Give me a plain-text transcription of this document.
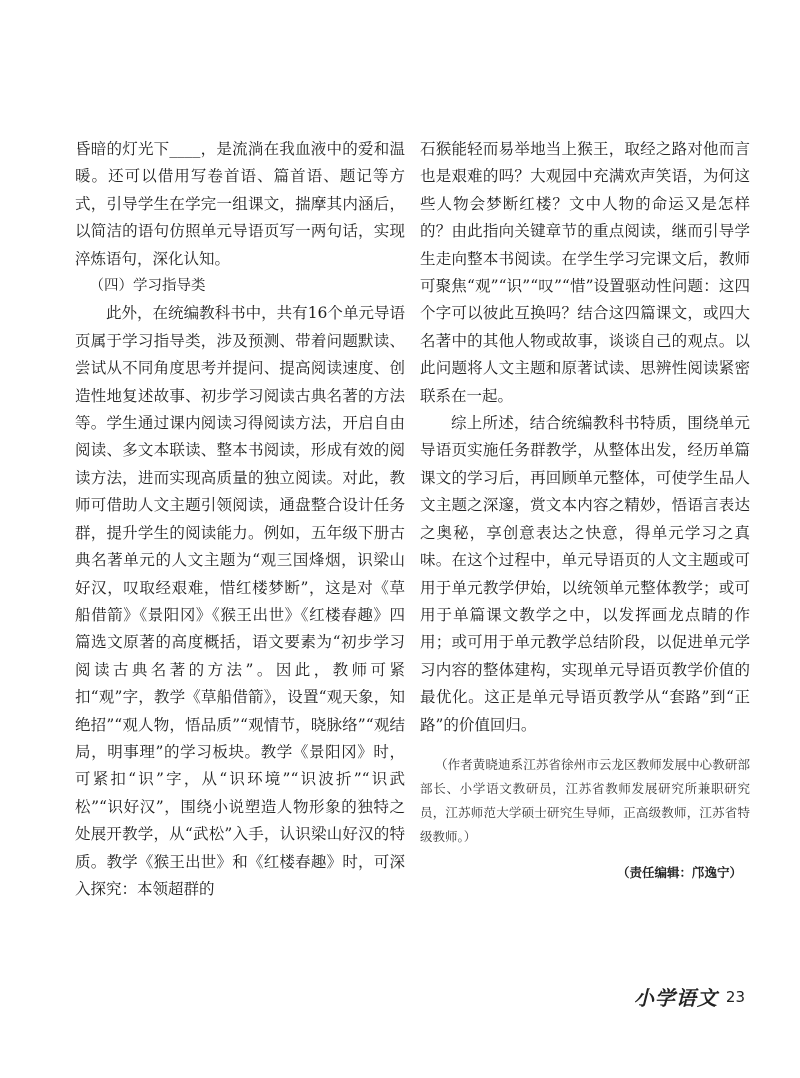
昏暗的灯光下____，是流淌在我血液中的爱和温暖。还可以借用写卷首语、篇首语、题记等方式，引导学生在学完一组课文，揣摩其内涵后，以简洁的语句仿照单元导语页写一两句话，实现淬炼语句，深化认知。

（四）学习指导类

此外，在统编教科书中，共有16个单元导语页属于学习指导类，涉及预测、带着问题默读、尝试从不同角度思考并提问、提高阅读速度、创造性地复述故事、初步学习阅读古典名著的方法等。学生通过课内阅读习得阅读方法，开启自由阅读、多文本联读、整本书阅读，形成有效的阅读方法，进而实现高质量的独立阅读。对此，教师可借助人文主题引领阅读，通盘整合设计任务群，提升学生的阅读能力。例如，五年级下册古典名著单元的人文主题为“观三国烽烟，识梁山好汉，叹取经艰难，惜红楼梦断”，这是对《草船借箭》《景阳冈》《猴王出世》《红楼春趣》四篇选文原著的高度概括，语文要素为“初步学习阅读古典名著的方法”。因此，教师可紧扣“观”字，教学《草船借箭》，设置“观天象，知绝招”“观人物，悟品质”“观情节，晓脉络”“观结局，明事理”的学习板块。教学《景阳冈》时，可紧扣“识”字，从“识环境”“识波折”“识武松”“识好汉”，围绕小说塑造人物形象的独特之处展开教学，从“武松”入手，认识梁山好汉的特质。教学《猴王出世》和《红楼春趣》时，可深入探究：本领超群的

石猴能轻而易举地当上猴王，取经之路对他而言也是艰难的吗？大观园中充满欢声笑语，为何这些人物会梦断红楼？文中人物的命运又是怎样的？由此指向关键章节的重点阅读，继而引导学生走向整本书阅读。在学生学习完课文后，教师可聚焦“观”“识”“叹”“惜”设置驱动性问题：这四个字可以彼此互换吗？结合这四篇课文，或四大名著中的其他人物或故事，谈谈自己的观点。以此问题将人文主题和原著试读、思辨性阅读紧密联系在一起。

综上所述，结合统编教科书特质，围绕单元导语页实施任务群教学，从整体出发，经历单篇课文的学习后，再回顾单元整体，可使学生品人文主题之深邃，赏文本内容之精妙，悟语言表达之奥秘，享创意表达之快意，得单元学习之真味。在这个过程中，单元导语页的人文主题或可用于单元教学伊始，以统领单元整体教学；或可用于单篇课文教学之中，以发挥画龙点睛的作用；或可用于单元教学总结阶段，以促进单元学习内容的整体建构，实现单元导语页教学价值的最优化。这正是单元导语页教学从“套路”到“正路”的价值回归。

（作者黄晓迪系江苏省徐州市云龙区教师发展中心教研部部长、小学语文教研员，江苏省教师发展研究所兼职研究员，江苏师范大学硕士研究生导师，正高级教师，江苏省特级教师。）

（责任编辑：邝逸宁）

小学语文 23
